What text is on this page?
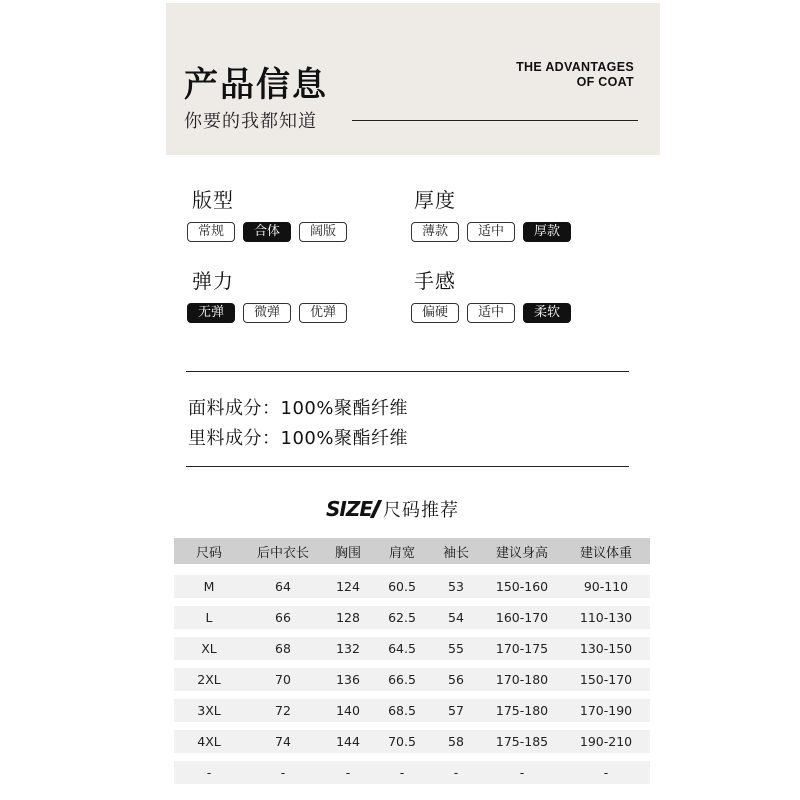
产品信息
你要的我都知道
THE ADVANTAGES
OF COAT
版型
常规	合体	阔版
厚度
薄款	适中	厚款
弹力
无弹	微弹	优弹
手感
偏硬	适中	柔软
面料成分：100%聚酯纤维
里料成分：100%聚酯纤维
SIZE 尺码推荐
尺码	后中衣长	胸围	肩宽	袖长	建议身高	建议体重
M	64	124	60.5	53	150-160	90-110
L	66	128	62.5	54	160-170	110-130
XL	68	132	64.5	55	170-175	130-150
2XL	70	136	66.5	56	170-180	150-170
3XL	72	140	68.5	57	175-180	170-190
4XL	74	144	70.5	58	175-185	190-210
-	-	-	-	-	-	-
